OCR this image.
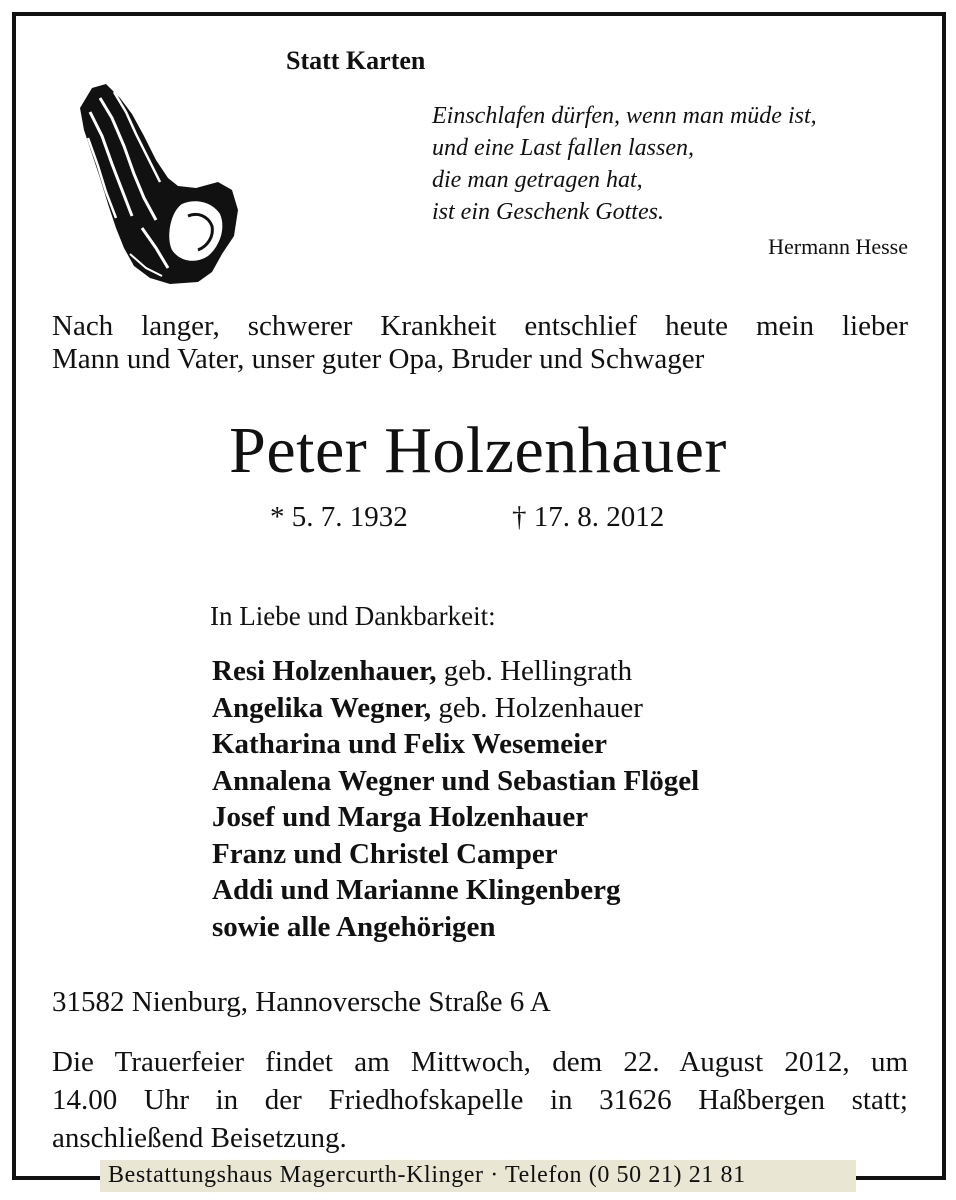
Statt Karten
Einschlafen dürfen, wenn man müde ist,
und eine Last fallen lassen,
die man getragen hat,
ist ein Geschenk Gottes.
Hermann Hesse
Nach langer, schwerer Krankheit entschlief heute mein lieber
Mann und Vater, unser guter Opa, Bruder und Schwager
Peter Holzenhauer
* 5. 7. 1932	† 17. 8. 2012
In Liebe und Dankbarkeit:
Resi Holzenhauer, geb. Hellingrath
Angelika Wegner, geb. Holzenhauer
Katharina und Felix Wesemeier
Annalena Wegner und Sebastian Flögel
Josef und Marga Holzenhauer
Franz und Christel Camper
Addi und Marianne Klingenberg
sowie alle Angehörigen
31582 Nienburg, Hannoversche Straße 6 A
Die Trauerfeier findet am Mittwoch, dem 22. August 2012, um
14.00 Uhr in der Friedhofskapelle in 31626 Haßbergen statt;
anschließend Beisetzung.
Bestattungshaus Magercurth-Klinger · Telefon (0 50 21) 21 81
